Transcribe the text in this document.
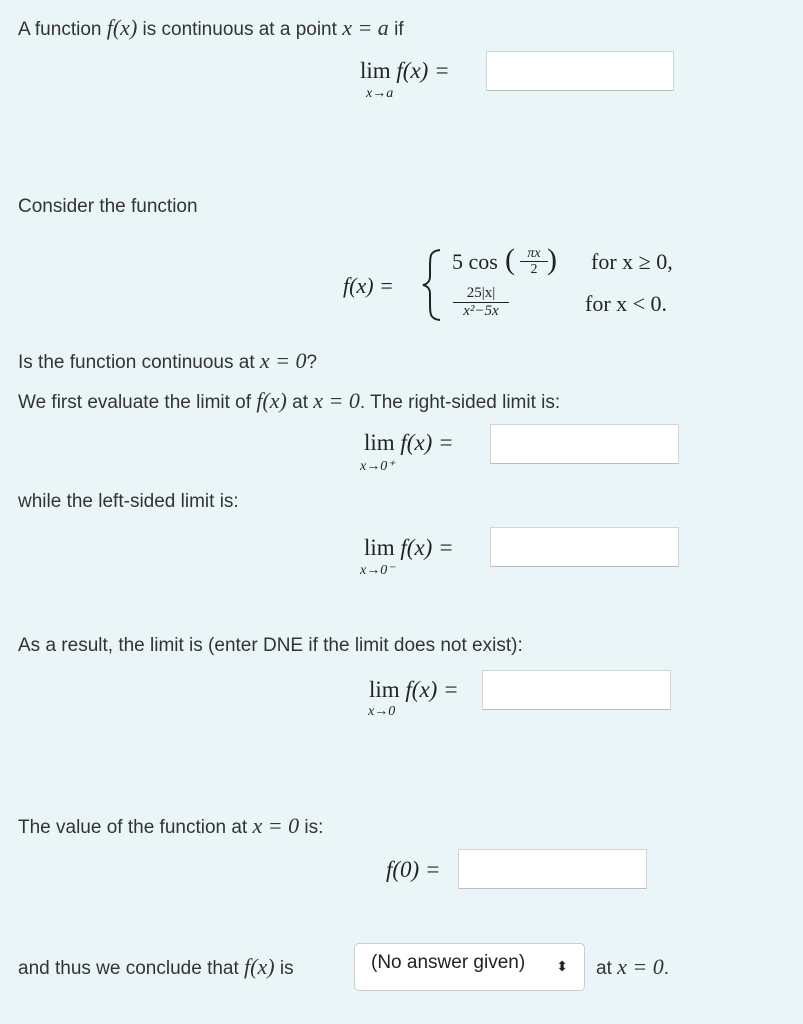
A function f(x) is continuous at a point x = a if
lim f(x) =
x→a
Consider the function
f(x) =
5 cos ( $\frac{\pi x}{2}$ ) for x ≥ 0,
$\frac{25|x|}{\text{x²−5x}}$	for x < 0.
Is the function continuous at x = 0?
We first evaluate the limit of f(x) at x = 0. The right-sided limit is:
lim f(x) =
x→0⁺
while the left-sided limit is:
lim f(x) =
x→0⁻
As a result, the limit is (enter DNE if the limit does not exist):
lim f(x) =
x→0
The value of the function at x = 0 is:
f(0) =
and thus we conclude that f(x) is	(No answer given) ⬍ at x = 0.
